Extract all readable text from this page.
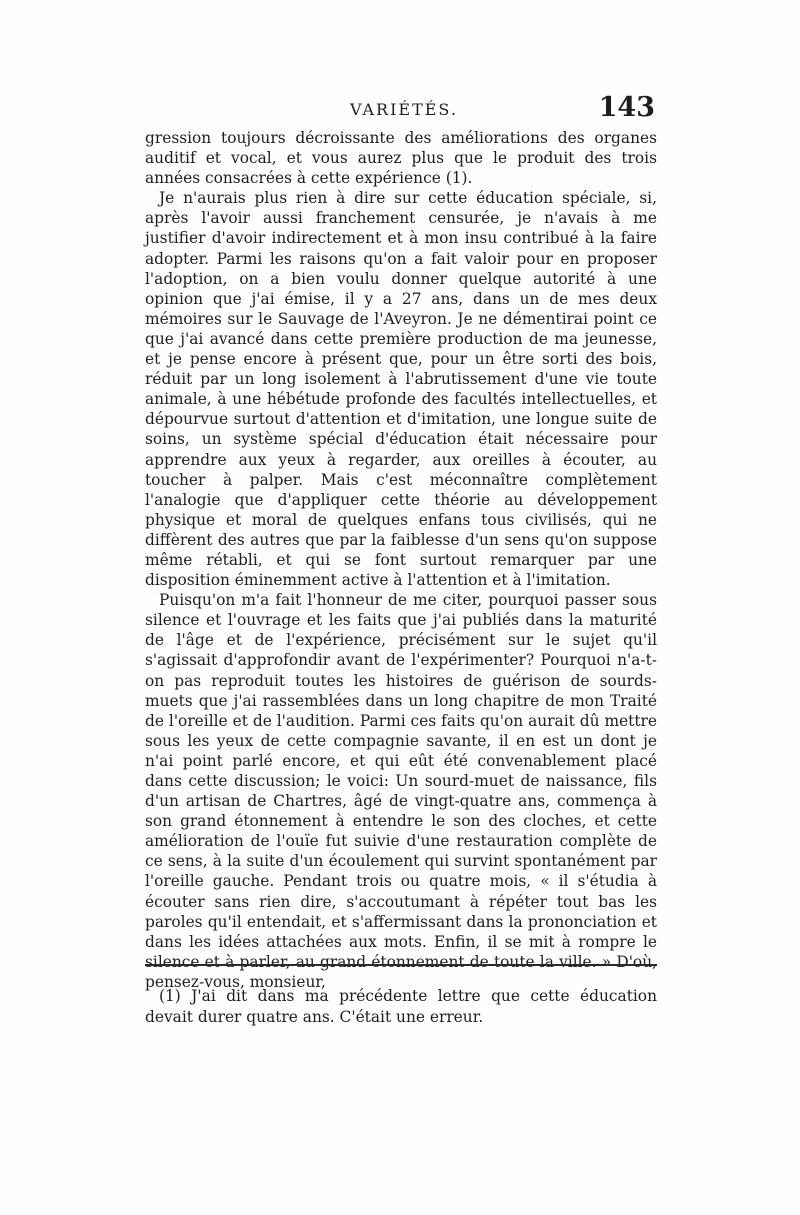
VARIÉTÉS.	143

gression toujours décroissante des améliorations des organes auditif et vocal, et vous aurez plus que le produit des trois années consacrées à cette expérience (1).

Je n'aurais plus rien à dire sur cette éducation spéciale, si, après l'avoir aussi franchement censurée, je n'avais à me justifier d'avoir indirectement et à mon insu contribué à la faire adopter. Parmi les raisons qu'on a fait valoir pour en proposer l'adoption, on a bien voulu donner quelque autorité à une opinion que j'ai émise, il y a 27 ans, dans un de mes deux mémoires sur le Sauvage de l'Aveyron. Je ne démentirai point ce que j'ai avancé dans cette première production de ma jeunesse, et je pense encore à présent que, pour un être sorti des bois, réduit par un long isolement à l'abrutissement d'une vie toute animale, à une hébétude profonde des facultés intellectuelles, et dépourvue surtout d'attention et d'imitation, une longue suite de soins, un système spécial d'éducation était nécessaire pour apprendre aux yeux à regarder, aux oreilles à écouter, au toucher à palper. Mais c'est méconnaître complètement l'analogie que d'appliquer cette théorie au développement physique et moral de quelques enfans tous civilisés, qui ne diffèrent des autres que par la faiblesse d'un sens qu'on suppose même rétabli, et qui se font surtout remarquer par une disposition éminemment active à l'attention et à l'imitation.

Puisqu'on m'a fait l'honneur de me citer, pourquoi passer sous silence et l'ouvrage et les faits que j'ai publiés dans la maturité de l'âge et de l'expérience, précisément sur le sujet qu'il s'agissait d'approfondir avant de l'expérimenter? Pourquoi n'a-t-on pas reproduit toutes les histoires de guérison de sourds-muets que j'ai rassemblées dans un long chapitre de mon Traité de l'oreille et de l'audition. Parmi ces faits qu'on aurait dû mettre sous les yeux de cette compagnie savante, il en est un dont je n'ai point parlé encore, et qui eût été convenablement placé dans cette discussion; le voici: Un sourd-muet de naissance, fils d'un artisan de Chartres, âgé de vingt-quatre ans, commença à son grand étonnement à entendre le son des cloches, et cette amélioration de l'ouïe fut suivie d'une restauration complète de ce sens, à la suite d'un écoulement qui survint spontanément par l'oreille gauche. Pendant trois ou quatre mois, « il s'étudia à écouter sans rien dire, s'accoutumant à répéter tout bas les paroles qu'il entendait, et s'affermissant dans la prononciation et dans les idées attachées aux mots. Enfin, il se mit à rompre le silence et à parler, au grand étonnement de toute la ville. » D'où, pensez-vous, monsieur,

(1) J'ai dit dans ma précédente lettre que cette éducation devait durer quatre ans. C'était une erreur.
